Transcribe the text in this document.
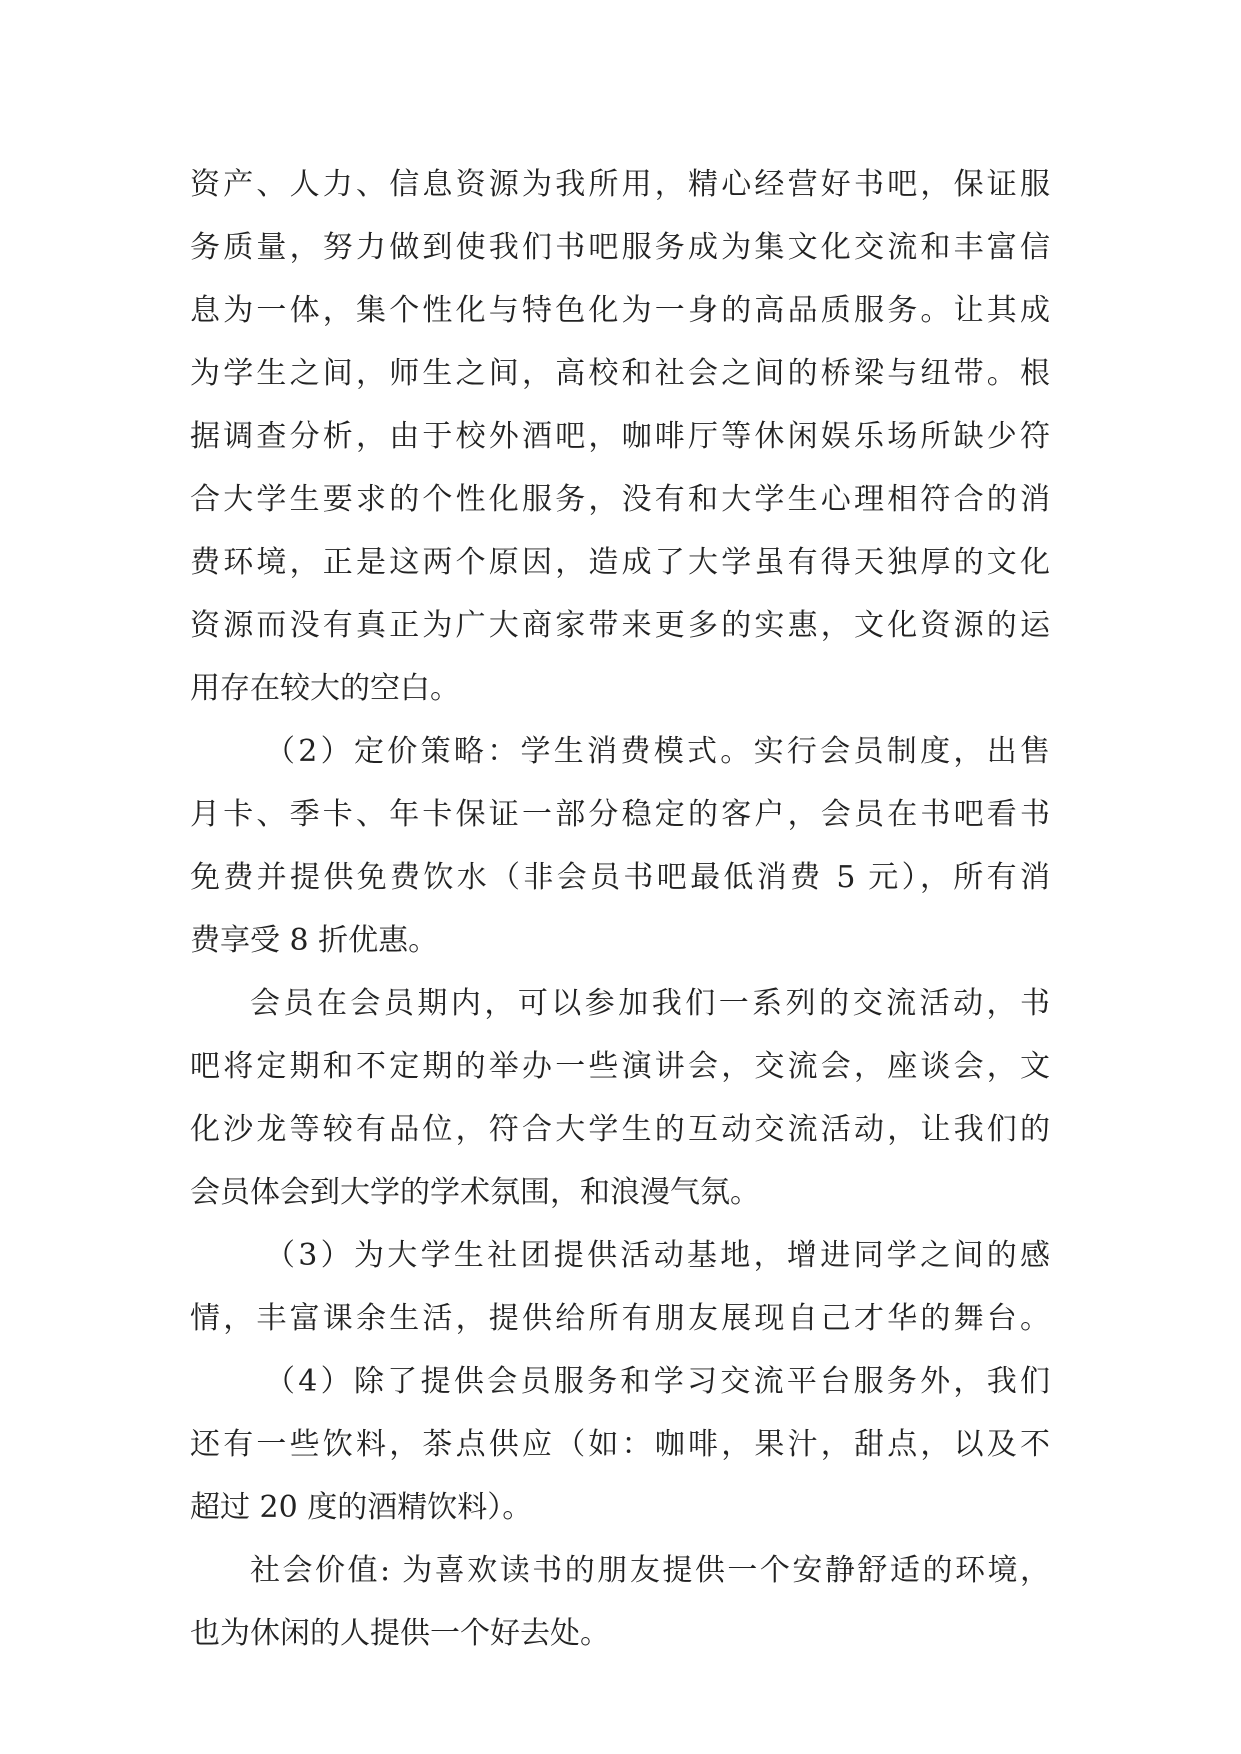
资产、人力、信息资源为我所用，精心经营好书吧，保证服
务质量，努力做到使我们书吧服务成为集文化交流和丰富信
息为一体，集个性化与特色化为一身的高品质服务。让其成
为学生之间，师生之间，高校和社会之间的桥梁与纽带。根
据调查分析，由于校外酒吧，咖啡厅等休闲娱乐场所缺少符
合大学生要求的个性化服务，没有和大学生心理相符合的消
费环境，正是这两个原因，造成了大学虽有得天独厚的文化
资源而没有真正为广大商家带来更多的实惠，文化资源的运
用存在较大的空白。
（2）定价策略：学生消费模式。实行会员制度，出售
月卡、季卡、年卡保证一部分稳定的客户，会员在书吧看书
免费并提供免费饮水（非会员书吧最低消费 5 元），所有消
费享受 8 折优惠。
会员在会员期内，可以参加我们一系列的交流活动，书
吧将定期和不定期的举办一些演讲会，交流会，座谈会，文
化沙龙等较有品位，符合大学生的互动交流活动，让我们的
会员体会到大学的学术氛围，和浪漫气氛。
（3）为大学生社团提供活动基地，增进同学之间的感
情，丰富课余生活，提供给所有朋友展现自己才华的舞台。
（4）除了提供会员服务和学习交流平台服务外，我们
还有一些饮料，茶点供应（如：咖啡，果汁，甜点，以及不
超过 20 度的酒精饮料）。
社会价值: 为喜欢读书的朋友提供一个安静舒适的环境，
也为休闲的人提供一个好去处。
